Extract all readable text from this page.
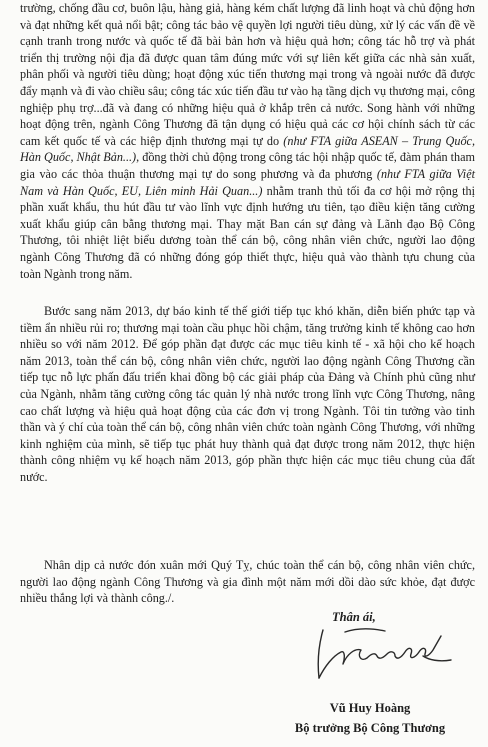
trường, chống đầu cơ, buôn lậu, hàng giả, hàng kém chất lượng đã linh hoạt và chủ động hơn và đạt những kết quả nổi bật; công tác bảo vệ quyền lợi người tiêu dùng, xử lý các vấn đề về cạnh tranh trong nước và quốc tế đã bài bản hơn và hiệu quả hơn; công tác hỗ trợ và phát triển thị trường nội địa đã được quan tâm đúng mức với sự liên kết giữa các nhà sản xuất, phân phối và người tiêu dùng; hoạt động xúc tiến thương mại trong và ngoài nước đã được đẩy mạnh và đi vào chiều sâu; công tác xúc tiến đầu tư vào hạ tầng dịch vụ thương mại, công nghiệp phụ trợ...đã và đang có những hiệu quả ở khắp trên cả nước. Song hành với những hoạt động trên, ngành Công Thương đã tận dụng có hiệu quả các cơ hội chính sách từ các cam kết quốc tế và các hiệp định thương mại tự do (như FTA giữa ASEAN – Trung Quốc, Hàn Quốc, Nhật Bản...), đồng thời chủ động trong công tác hội nhập quốc tế, đàm phán tham gia vào các thỏa thuận thương mại tự do song phương và đa phương (như FTA giữa Việt Nam và Hàn Quốc, EU, Liên minh Hải Quan...) nhằm tranh thủ tối đa cơ hội mở rộng thị phần xuất khẩu, thu hút đầu tư vào lĩnh vực định hướng ưu tiên, tạo điều kiện tăng cường xuất khẩu giúp cân bằng thương mại. Thay mặt Ban cán sự đảng và Lãnh đạo Bộ Công Thương, tôi nhiệt liệt biểu dương toàn thể cán bộ, công nhân viên chức, người lao động ngành Công Thương đã có những đóng góp thiết thực, hiệu quả vào thành tựu chung của toàn Ngành trong năm.

Bước sang năm 2013, dự báo kinh tế thế giới tiếp tục khó khăn, diễn biến phức tạp và tiềm ẩn nhiều rủi ro; thương mại toàn cầu phục hồi chậm, tăng trưởng kinh tế không cao hơn nhiều so với năm 2012. Để góp phần đạt được các mục tiêu kinh tế - xã hội cho kế hoạch năm 2013, toàn thể cán bộ, công nhân viên chức, người lao động ngành Công Thương cần tiếp tục nỗ lực phấn đấu triển khai đồng bộ các giải pháp của Đảng và Chính phủ cũng như của Ngành, nhằm tăng cường công tác quản lý nhà nước trong lĩnh vực Công Thương, nâng cao chất lượng và hiệu quả hoạt động của các đơn vị trong Ngành. Tôi tin tưởng vào tinh thần và ý chí của toàn thể cán bộ, công nhân viên chức toàn ngành Công Thương, với những kinh nghiệm của mình, sẽ tiếp tục phát huy thành quả đạt được trong năm 2012, thực hiện thành công nhiệm vụ kế hoạch năm 2013, góp phần thực hiện các mục tiêu chung của đất nước.

Nhân dịp cả nước đón xuân mới Quý Tỵ, chúc toàn thể cán bộ, công nhân viên chức, người lao động ngành Công Thương và gia đình một năm mới dồi dào sức khỏe, đạt được nhiều thắng lợi và thành công./.

Thân ái,
Vũ Huy Hoàng
Bộ trưởng Bộ Công Thương
